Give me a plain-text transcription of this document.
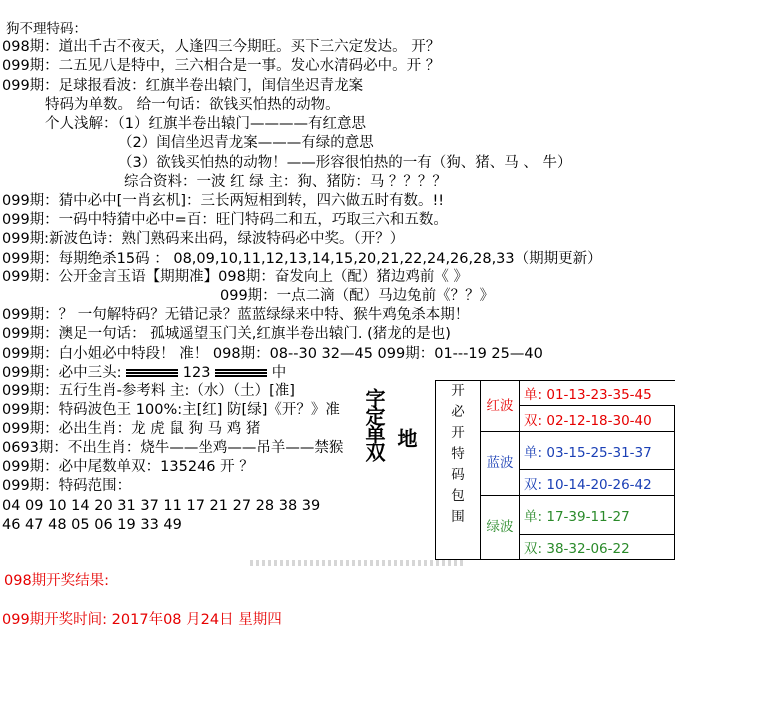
狗不理特码：
098期：道出千古不夜天，人逢四三今期旺。买下三六定发达。 开？
099期：二五见八是特中，三六相合是一事。发心水清码必中。开 ？
099期：足球报看波：红旗半卷出辕门，闺信坐迟青龙案
特码为单数。 给一句话：欲钱买怕热的动物。
个人浅解：（1）红旗半卷出辕门————有红意思
（2）闺信坐迟青龙案———有绿的意思
（3）欲钱买怕热的动物！——形容很怕热的一有（狗、猪、马 、 牛）
综合资料：一波 红 绿 主：狗、猪防：马 ？？？？
099期：猜中必中[一肖玄机]：三长两短相到转，四六做五时有数。!!
099期：一码中特猜中必中=百：旺门特码二和五，巧取三六和五数。
099期:新波色诗：熟门熟码来出码，绿波特码必中奖。（开？）
099期：每期绝杀15码 ： 08,09,10,11,12,13,14,15,20,21,22,24,26,28,33（期期更新）
099期：公开金言玉语【期期准】098期：奋发向上（配）猪边鸡前《 》
099期：一点二滴（配）马边兔前《？？》
099期：？ 一句解特码？无错记录？蓝蓝绿绿来中特、猴牛鸡兔杀本期！
099期：澳足一句话： 孤城遥望玉门关,红旗半卷出辕门. (猪龙的是也)
099期：白小姐必中特段！ 准！ 098期：08--30 32—45 099期：01---19 25—40
099期：必中三头:	123	中
099期：五行生肖-参考料 主:（水）（土）[准]
099期：特码波色王 100%:主[红] 防[绿]《开？》准
099期：必出生肖：龙 虎 鼠 狗 马 鸡 猪
0693期：不出生肖：烧牛——坐鸡——吊羊——禁猴
099期：必中尾数单双：135246 开 ？
099期：特码范围：
04 09 10 14 20 31 37 11 17 21 27 28 38 39
46 47 48 05 06 19 33 49
字定单双 地
开必开特码包围	红波	单: 01-13-23-35-45
		双: 02-12-18-30-40
	蓝波	单: 03-15-25-31-37
		双: 10-14-20-26-42
	绿波	单: 17-39-11-27
		双: 38-32-06-22
098期开奖结果:
099期开奖时间: 2017年08 月24日 星期四
